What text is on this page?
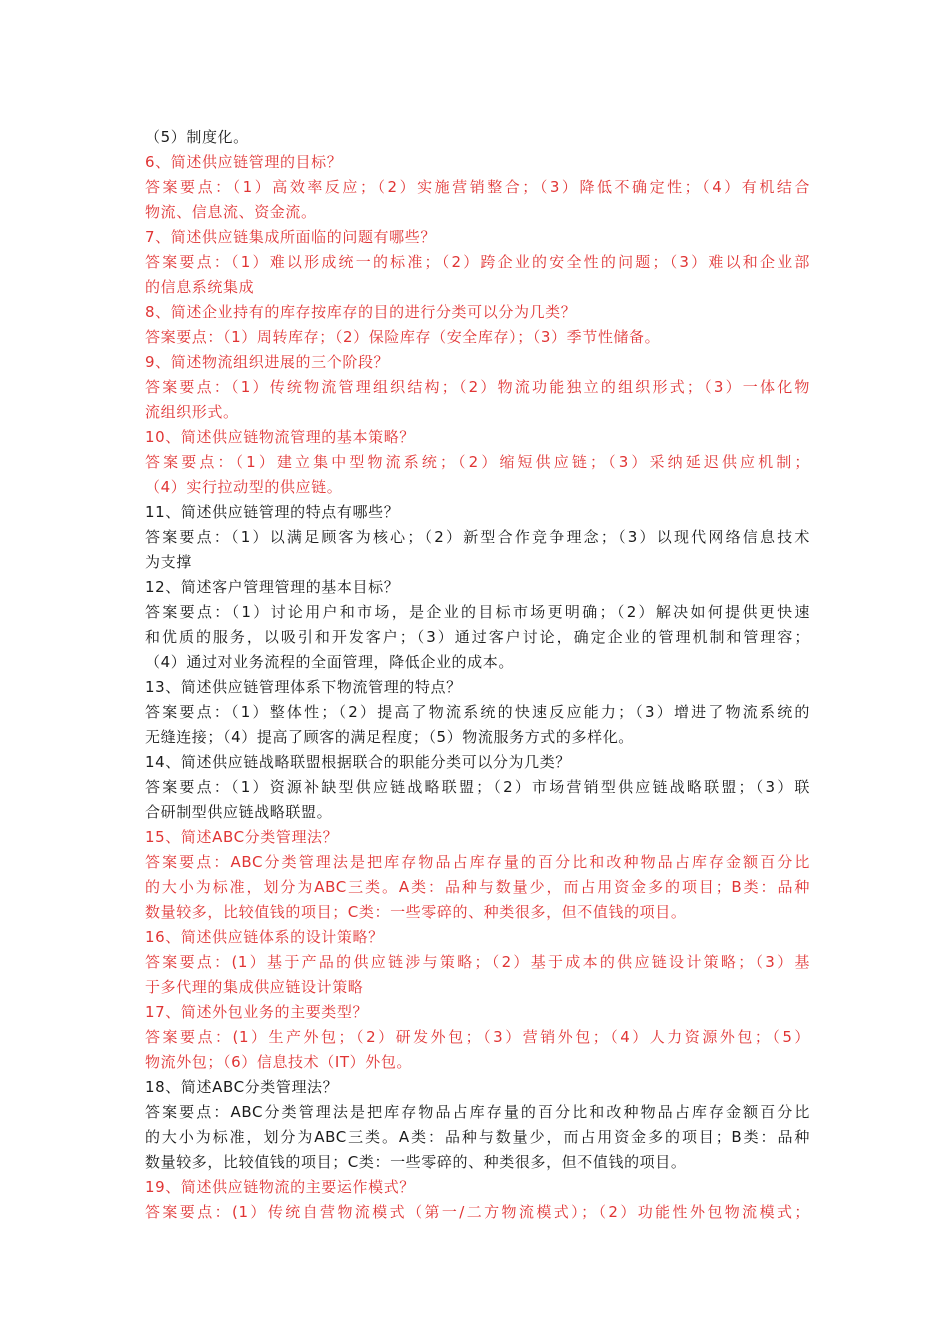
（5）制度化。
6、简述供应链管理的目标？
答案要点：（1）高效率反应；（2）实施营销整合；（3）降低不确定性；（4）有机结合
物流、信息流、资金流。
7、简述供应链集成所面临的问题有哪些？
答案要点：（1）难以形成统一的标准；（2）跨企业的安全性的问题；（3）难以和企业部
的信息系统集成
8、简述企业持有的库存按库存的目的进行分类可以分为几类？
答案要点：（1）周转库存；（2）保险库存（安全库存）；（3）季节性储备。
9、简述物流组织进展的三个阶段？
答案要点：（1）传统物流管理组织结构；（2）物流功能独立的组织形式；（3）一体化物
流组织形式。
10、简述供应链物流管理的基本策略？
答案要点：（1）建立集中型物流系统；（2）缩短供应链；（3）采纳延迟供应机制；
（4）实行拉动型的供应链。
11、简述供应链管理的特点有哪些？
答案要点：（1）以满足顾客为核心；（2）新型合作竞争理念；（3）以现代网络信息技术
为支撑
12、简述客户管理管理的基本目标？
答案要点：（1）讨论用户和市场，是企业的目标市场更明确；（2）解决如何提供更快速
和优质的服务，以吸引和开发客户；（3）通过客户讨论，确定企业的管理机制和管理容；
（4）通过对业务流程的全面管理，降低企业的成本。
13、简述供应链管理体系下物流管理的特点？
答案要点：（1）整体性；（2）提高了物流系统的快速反应能力；（3）增进了物流系统的
无缝连接；（4）提高了顾客的满足程度；（5）物流服务方式的多样化。
14、简述供应链战略联盟根据联合的职能分类可以分为几类？
答案要点：（1）资源补缺型供应链战略联盟；（2）市场营销型供应链战略联盟；（3）联
合研制型供应链战略联盟。
15、简述ABC分类管理法？
答案要点：ABC分类管理法是把库存物品占库存量的百分比和改种物品占库存金额百分比
的大小为标准，划分为ABC三类。A类：品种与数量少，而占用资金多的项目；B类：品种
数量较多，比较值钱的项目；C类：一些零碎的、种类很多，但不值钱的项目。
16、简述供应链体系的设计策略？
答案要点：(1）基于产品的供应链涉与策略；（2）基于成本的供应链设计策略；（3）基
于多代理的集成供应链设计策略
17、简述外包业务的主要类型？
答案要点：(1）生产外包；（2）研发外包；（3）营销外包；（4）人力资源外包；（5）
物流外包；（6）信息技术（IT）外包。
18、简述ABC分类管理法？
答案要点：ABC分类管理法是把库存物品占库存量的百分比和改种物品占库存金额百分比
的大小为标准，划分为ABC三类。A类：品种与数量少，而占用资金多的项目；B类：品种
数量较多，比较值钱的项目；C类：一些零碎的、种类很多，但不值钱的项目。
19、简述供应链物流的主要运作模式？
答案要点：(1）传统自营物流模式（第一/二方物流模式）；（2）功能性外包物流模式；
